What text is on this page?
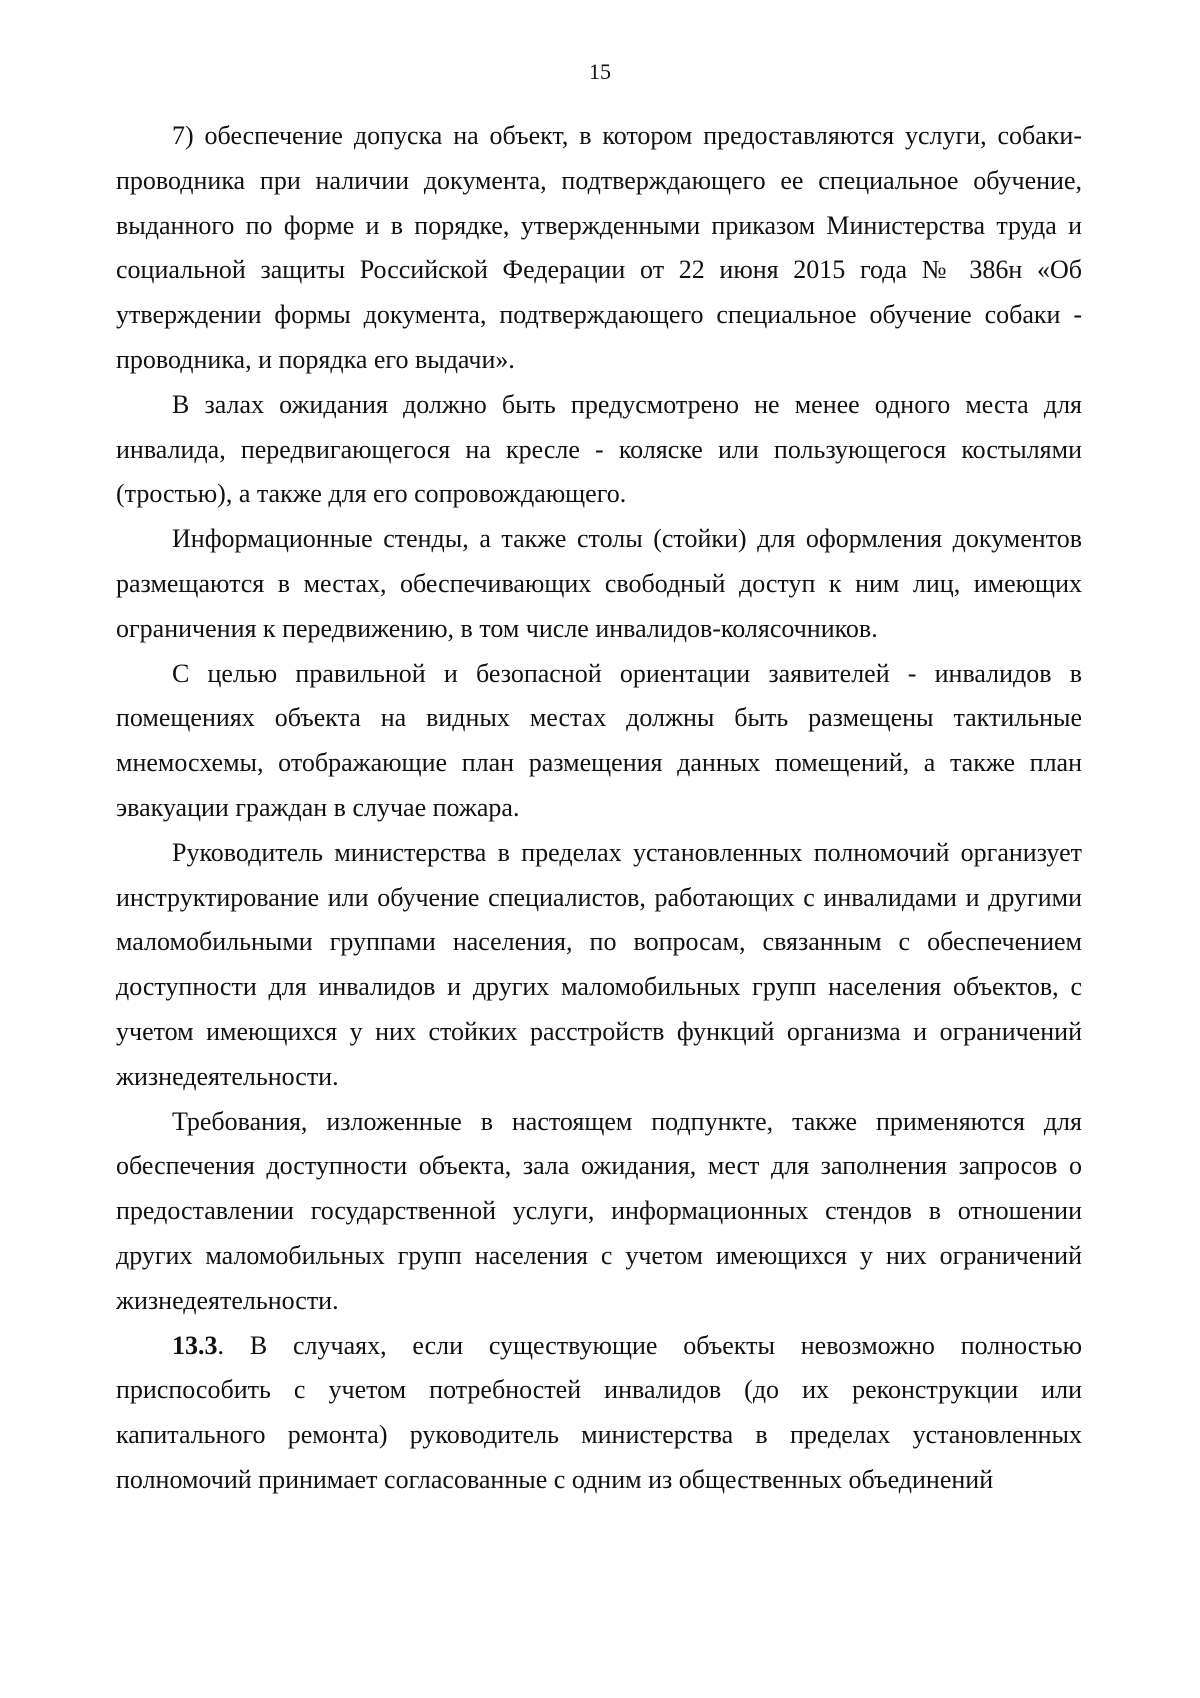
15

7) обеспечение допуска на объект, в котором предоставляются услуги, собаки-проводника при наличии документа, подтверждающего ее специальное обучение, выданного по форме и в порядке, утвержденными приказом Министерства труда и социальной защиты Российской Федерации от 22 июня 2015 года № 386н «Об утверждении формы документа, подтверждающего специальное обучение собаки - проводника, и порядка его выдачи».

В залах ожидания должно быть предусмотрено не менее одного места для инвалида, передвигающегося на кресле - коляске или пользующегося костылями (тростью), а также для его сопровождающего.

Информационные стенды, а также столы (стойки) для оформления документов размещаются в местах, обеспечивающих свободный доступ к ним лиц, имеющих ограничения к передвижению, в том числе инвалидов-колясочников.

С целью правильной и безопасной ориентации заявителей - инвалидов в помещениях объекта на видных местах должны быть размещены тактильные мнемосхемы, отображающие план размещения данных помещений, а также план эвакуации граждан в случае пожара.

Руководитель министерства в пределах установленных полномочий организует инструктирование или обучение специалистов, работающих с инвалидами и другими маломобильными группами населения, по вопросам, связанным с обеспечением доступности для инвалидов и других маломобильных групп населения объектов, с учетом имеющихся у них стойких расстройств функций организма и ограничений жизнедеятельности.

Требования, изложенные в настоящем подпункте, также применяются для обеспечения доступности объекта, зала ожидания, мест для заполнения запросов о предоставлении государственной услуги, информационных стендов в отношении других маломобильных групп населения с учетом имеющихся у них ограничений жизнедеятельности.

13.3. В случаях, если существующие объекты невозможно полностью приспособить с учетом потребностей инвалидов (до их реконструкции или капитального ремонта) руководитель министерства в пределах установленных полномочий принимает согласованные с одним из общественных объединений
